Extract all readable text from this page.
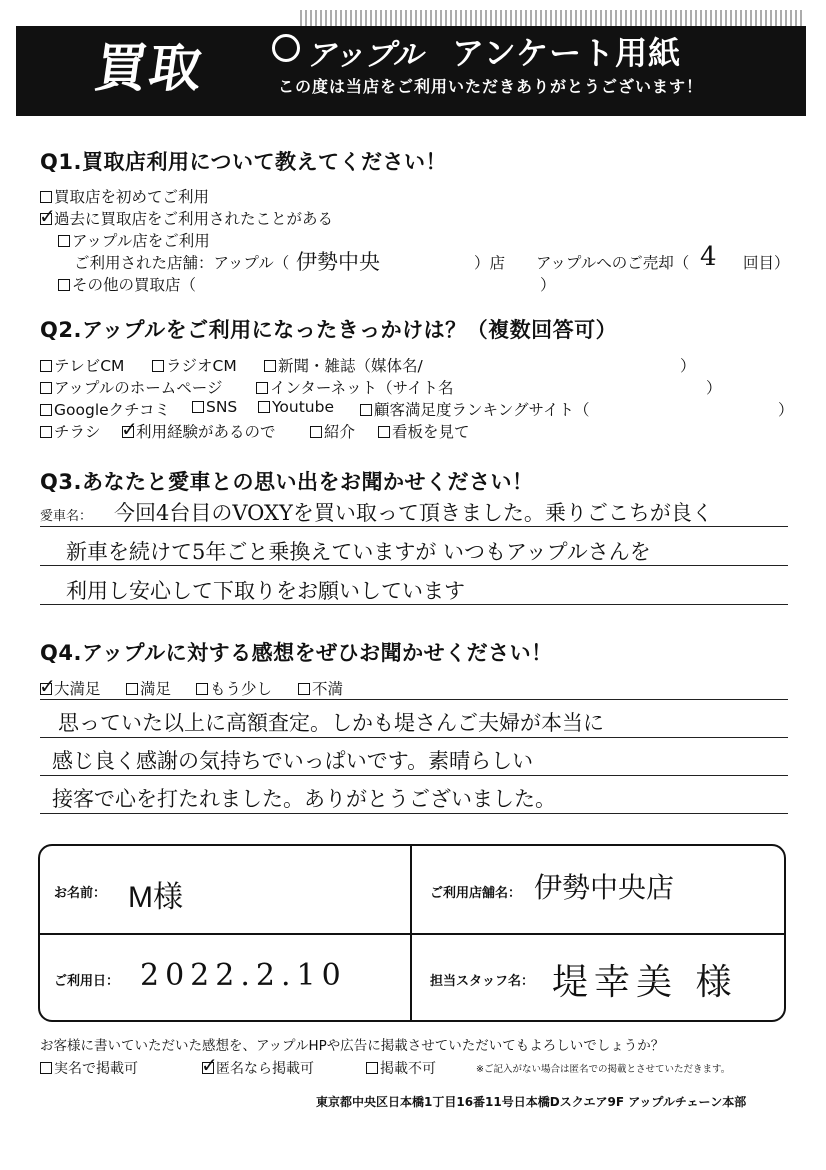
買取	アップル アンケート用紙
この度は当店をご利用いただきありがとうございます！
Q1.買取店利用について教えてください！
買取店を初めてご利用
✓
過去に買取店をご利用されたことがある
アップル店をご利用
ご利用された店舗：アップル（ 伊勢中央	）店 アップルへのご売却（ 4 回目）
その他の買取店（	）
Q2.アップルをご利用になったきっかけは？（複数回答可）
テレビCM	ラジオCM	新聞・雑誌（媒体名/	）
アップルのホームページ	インターネット（サイト名	）
Googleクチコミ	SNS	Youtube	顧客満足度ランキングサイト（	）
チラシ ✓
利用経験があるので	紹介	看板を見て
Q3.あなたと愛車との思い出をお聞かせください！
愛車名： 今回4台目のVOXYを買い取って頂きました。乗りごこちが良く
新車を続けて5年ごと乗換えていますが いつもアップルさんを
利用し安心して下取りをお願いしています
Q4.アップルに対する感想をぜひお聞かせください！
✓
大満足	満足	もう少し	不満
思っていた以上に高額査定。しかも堤さんご夫婦が本当に
感じ良く感謝の気持ちでいっぱいです。素晴らしい
接客で心を打たれました。ありがとうございました。
お名前： M様	ご利用店舗名： 伊勢中央店
ご利用日： 2022.2.10	担当スタッフ名： 堤幸美 様
お客様に書いていただいた感想を、アップルHPや広告に掲載させていただいてもよろしいでしょうか？
実名で掲載可	✓
匿名なら掲載可	掲載不可	※ご記入がない場合は匿名での掲載とさせていただきます。
東京都中央区日本橋1丁目16番11号日本橋Dスクエア9F アップルチェーン本部
